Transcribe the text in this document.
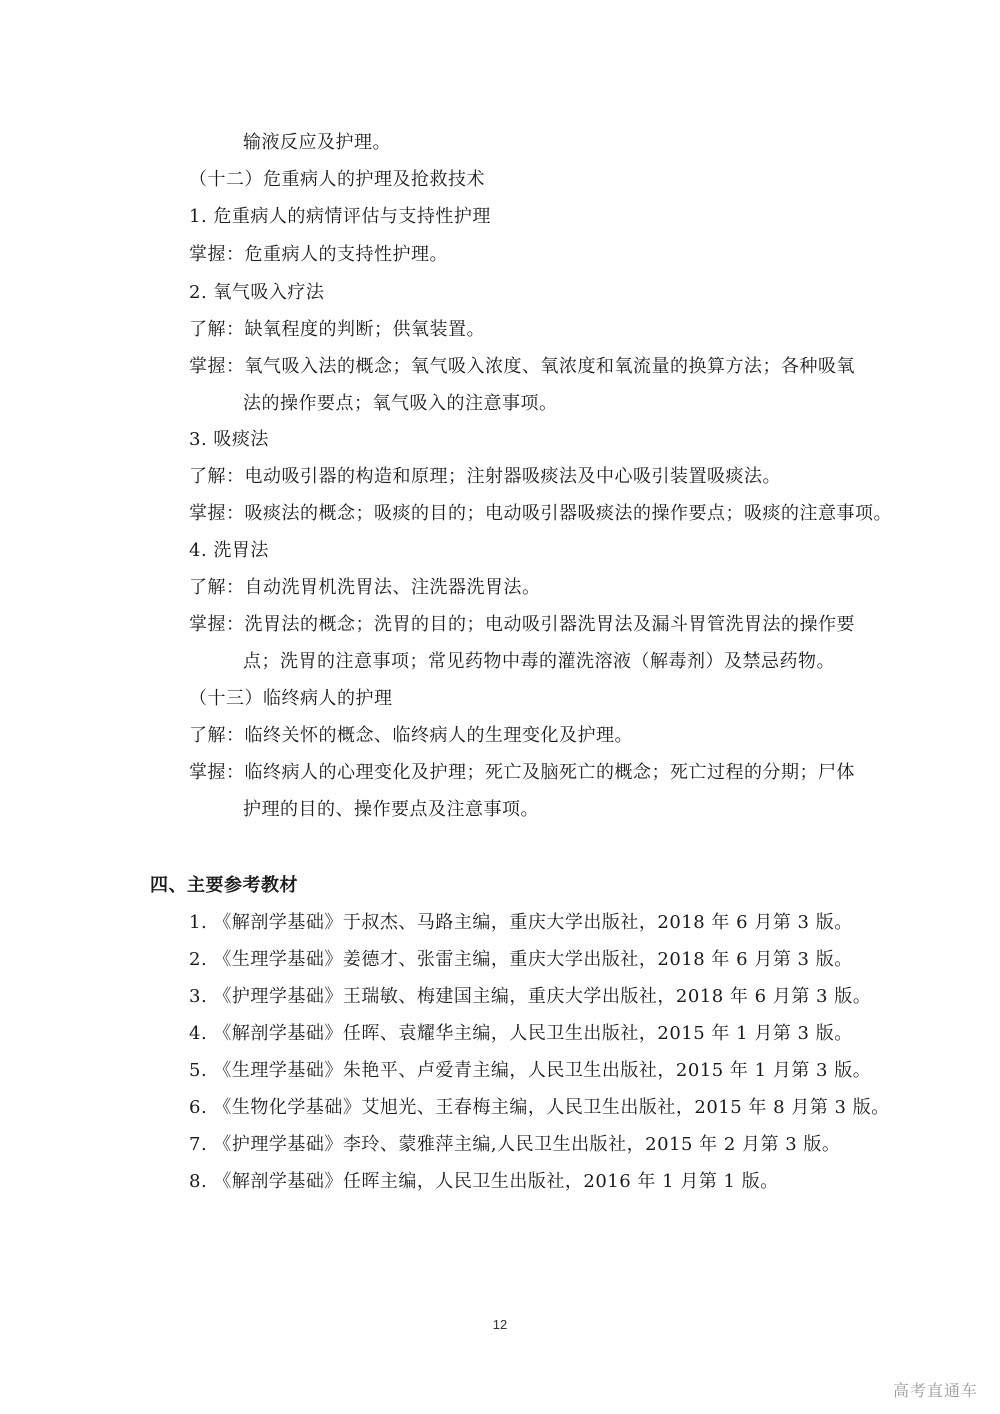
输液反应及护理。
（十二）危重病人的护理及抢救技术
1. 危重病人的病情评估与支持性护理
掌握：危重病人的支持性护理。
2. 氧气吸入疗法
了解：缺氧程度的判断；供氧装置。
掌握：氧气吸入法的概念；氧气吸入浓度、氧浓度和氧流量的换算方法；各种吸氧
法的操作要点；氧气吸入的注意事项。
3. 吸痰法
了解：电动吸引器的构造和原理；注射器吸痰法及中心吸引装置吸痰法。
掌握：吸痰法的概念；吸痰的目的；电动吸引器吸痰法的操作要点；吸痰的注意事项。
4. 洗胃法
了解：自动洗胃机洗胃法、注洗器洗胃法。
掌握：洗胃法的概念；洗胃的目的；电动吸引器洗胃法及漏斗胃管洗胃法的操作要
点；洗胃的注意事项；常见药物中毒的灌洗溶液（解毒剂）及禁忌药物。
（十三）临终病人的护理
了解：临终关怀的概念、临终病人的生理变化及护理。
掌握：临终病人的心理变化及护理；死亡及脑死亡的概念；死亡过程的分期；尸体
护理的目的、操作要点及注意事项。
四、主要参考教材
1. 《解剖学基础》于叔杰、马路主编，重庆大学出版社，2018 年 6 月第 3 版。
2. 《生理学基础》姜德才、张雷主编，重庆大学出版社，2018 年 6 月第 3 版。
3. 《护理学基础》王瑞敏、梅建国主编，重庆大学出版社，2018 年 6 月第 3 版。
4. 《解剖学基础》任晖、袁耀华主编，人民卫生出版社，2015 年 1 月第 3 版。
5. 《生理学基础》朱艳平、卢爱青主编，人民卫生出版社，2015 年 1 月第 3 版。
6. 《生物化学基础》艾旭光、王春梅主编，人民卫生出版社，2015 年 8 月第 3 版。
7. 《护理学基础》李玲、蒙雅萍主编,人民卫生出版社，2015 年 2 月第 3 版。
8. 《解剖学基础》任晖主编，人民卫生出版社，2016 年 1 月第 1 版。
12
高考直通车
